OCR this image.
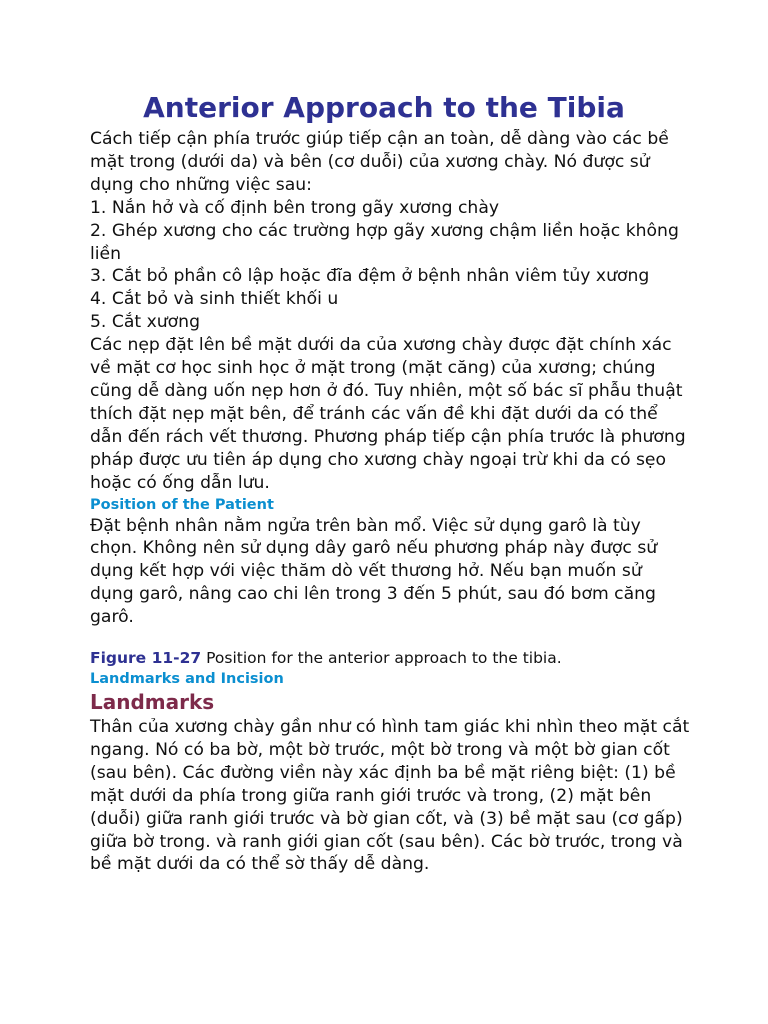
Anterior Approach to the Tibia

Cách tiếp cận phía trước giúp tiếp cận an toàn, dễ dàng vào các bề mặt trong (dưới da) và bên (cơ duỗi) của xương chày. Nó được sử dụng cho những việc sau:

1. Nắn hở và cố định bên trong gãy xương chày

2. Ghép xương cho các trường hợp gãy xương chậm liền hoặc không liền

3. Cắt bỏ phần cô lập hoặc đĩa đệm ở bệnh nhân viêm tủy xương

4. Cắt bỏ và sinh thiết khối u

5. Cắt xương

Các nẹp đặt lên bề mặt dưới da của xương chày được đặt chính xác về mặt cơ học sinh học ở mặt trong (mặt căng) của xương; chúng cũng dễ dàng uốn nẹp hơn ở đó. Tuy nhiên, một số bác sĩ phẫu thuật thích đặt nẹp mặt bên, để tránh các vấn đề khi đặt dưới da có thể dẫn đến rách vết thương. Phương pháp tiếp cận phía trước là phương pháp được ưu tiên áp dụng cho xương chày ngoại trừ khi da có sẹo hoặc có ống dẫn lưu.

Position of the Patient

Đặt bệnh nhân nằm ngửa trên bàn mổ. Việc sử dụng garô là tùy chọn. Không nên sử dụng dây garô nếu phương pháp này được sử dụng kết hợp với việc thăm dò vết thương hở. Nếu bạn muốn sử dụng garô, nâng cao chi lên trong 3 đến 5 phút, sau đó bơm căng garô.

Figure 11-27 Position for the anterior approach to the tibia.

Landmarks and Incision

Landmarks

Thân của xương chày gần như có hình tam giác khi nhìn theo mặt cắt ngang. Nó có ba bờ, một bờ trước, một bờ trong và một bờ gian cốt (sau bên). Các đường viền này xác định ba bề mặt riêng biệt: (1) bề mặt dưới da phía trong giữa ranh giới trước và trong, (2) mặt bên (duỗi) giữa ranh giới trước và bờ gian cốt, và (3) bề mặt sau (cơ gấp) giữa bờ trong. và ranh giới gian cốt (sau bên). Các bờ trước, trong và bề mặt dưới da có thể sờ thấy dễ dàng.
